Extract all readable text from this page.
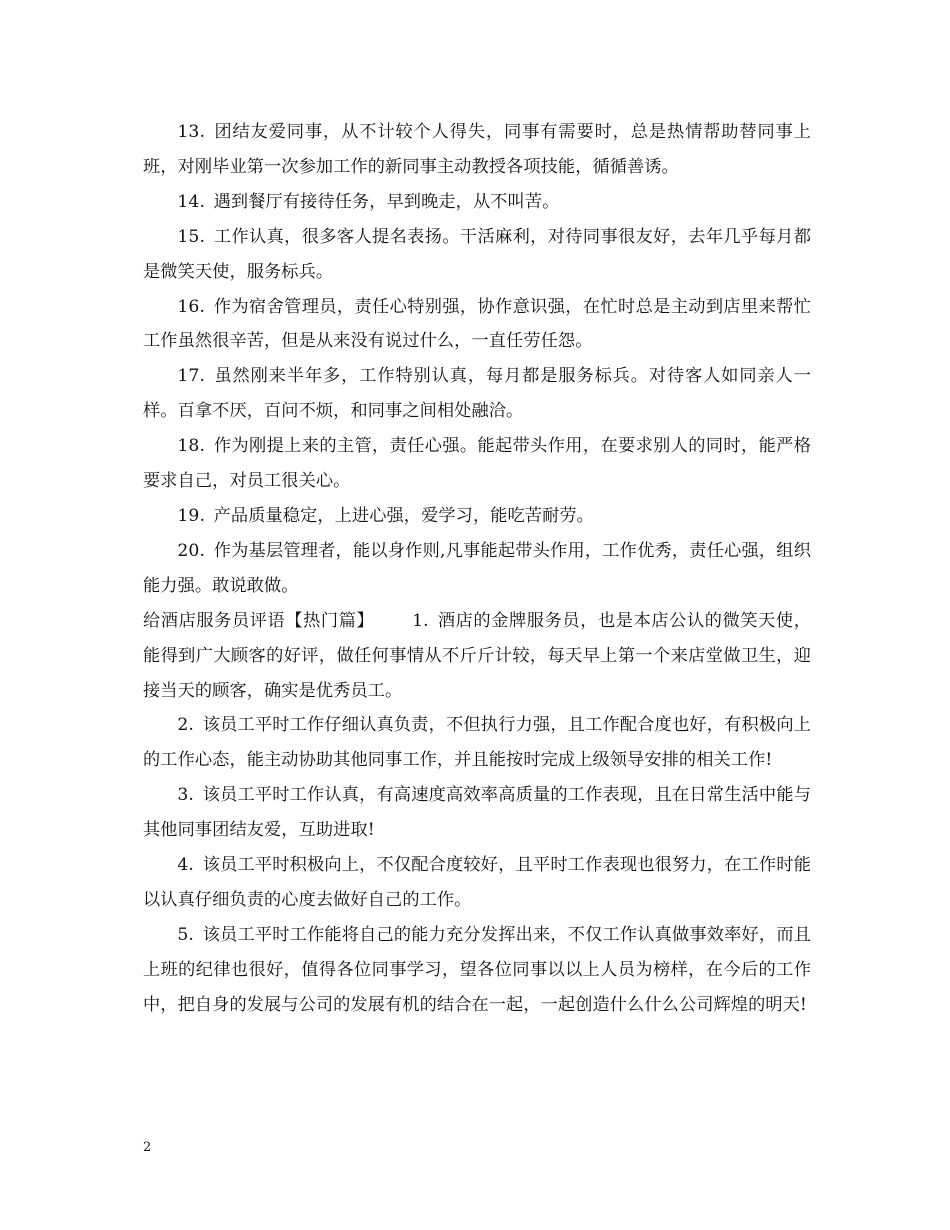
13. 团结友爱同事，从不计较个人得失，同事有需要时，总是热情帮助替同事上班，对刚毕业第一次参加工作的新同事主动教授各项技能，循循善诱。

14. 遇到餐厅有接待任务，早到晚走，从不叫苦。

15. 工作认真，很多客人提名表扬。干活麻利，对待同事很友好，去年几乎每月都是微笑天使，服务标兵。

16. 作为宿舍管理员，责任心特别强，协作意识强，在忙时总是主动到店里来帮忙工作虽然很辛苦，但是从来没有说过什么，一直任劳任怨。

17. 虽然刚来半年多，工作特别认真，每月都是服务标兵。对待客人如同亲人一样。百拿不厌，百问不烦，和同事之间相处融洽。

18. 作为刚提上来的主管，责任心强。能起带头作用，在要求别人的同时，能严格要求自己，对员工很关心。

19. 产品质量稳定，上进心强，爱学习，能吃苦耐劳。

20. 作为基层管理者，能以身作则,凡事能起带头作用，工作优秀，责任心强，组织能力强。敢说敢做。

给酒店服务员评语【热门篇】 1. 酒店的金牌服务员，也是本店公认的微笑天使，能得到广大顾客的好评，做任何事情从不斤斤计较，每天早上第一个来店堂做卫生，迎接当天的顾客，确实是优秀员工。

2. 该员工平时工作仔细认真负责，不但执行力强，且工作配合度也好，有积极向上的工作心态，能主动协助其他同事工作，并且能按时完成上级领导安排的相关工作!

3. 该员工平时工作认真，有高速度高效率高质量的工作表现，且在日常生活中能与其他同事团结友爱，互助进取!

4. 该员工平时积极向上，不仅配合度较好，且平时工作表现也很努力，在工作时能以认真仔细负责的心度去做好自己的工作。

5. 该员工平时工作能将自己的能力充分发挥出来，不仅工作认真做事效率好，而且上班的纪律也很好，值得各位同事学习，望各位同事以以上人员为榜样，在今后的工作中，把自身的发展与公司的发展有机的结合在一起，一起创造什么什么公司辉煌的明天!

2
